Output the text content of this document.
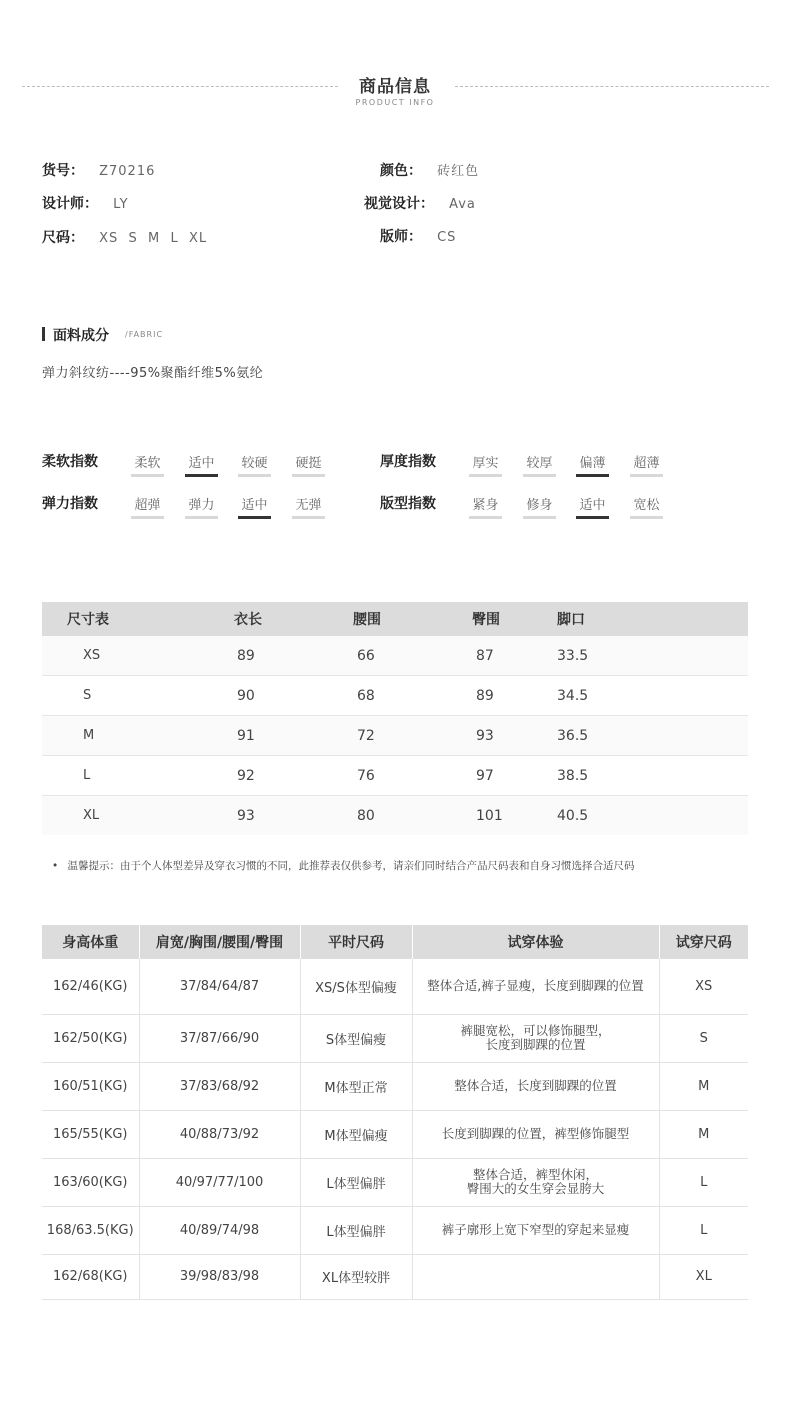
商品信息
PRODUCT INFO
货号： Z70216
设计师： LY
尺码： XS  S  M  L  XL
颜色： 砖红色
视觉设计： Ava
版师： CS
面料成分 /FABRIC
弹力斜纹纺----95%聚酯纤维5%氨纶
柔软指数	柔软 适中 较硬 硬挺	厚度指数	厚实 较厚 偏薄 超薄
弹力指数	超弹 弹力 适中 无弹	版型指数	紧身 修身 适中 宽松
尺寸表	衣长	腰围	臀围	脚口
XS	89	66	87	33.5
S	90	68	89	34.5
M	91	72	93	36.5
L	92	76	97	38.5
XL	93	80	101	40.5
• 温馨提示：由于个人体型差异及穿衣习惯的不同，此推荐表仅供参考，请亲们同时结合产品尺码表和自身习惯选择合适尺码
身高体重	肩宽/胸围/腰围/臀围	平时尺码	试穿体验	试穿尺码
162/46(KG)	37/84/64/87	XS/S体型偏瘦	整体合适,裤子显瘦，长度到脚踝的位置	XS
162/50(KG)	37/87/66/90	S体型偏瘦	裤腿宽松，可以修饰腿型，
长度到脚踝的位置	S
160/51(KG)	37/83/68/92	M体型正常	整体合适，长度到脚踝的位置	M
165/55(KG)	40/88/73/92	M体型偏瘦	长度到脚踝的位置，裤型修饰腿型	M
163/60(KG)	40/97/77/100	L体型偏胖	整体合适，裤型休闲，
臀围大的女生穿会显胯大	L
168/63.5(KG)	40/89/74/98	L体型偏胖	裤子廓形上宽下窄型的穿起来显瘦	L
162/68(KG)	39/98/83/98	XL体型较胖		XL
